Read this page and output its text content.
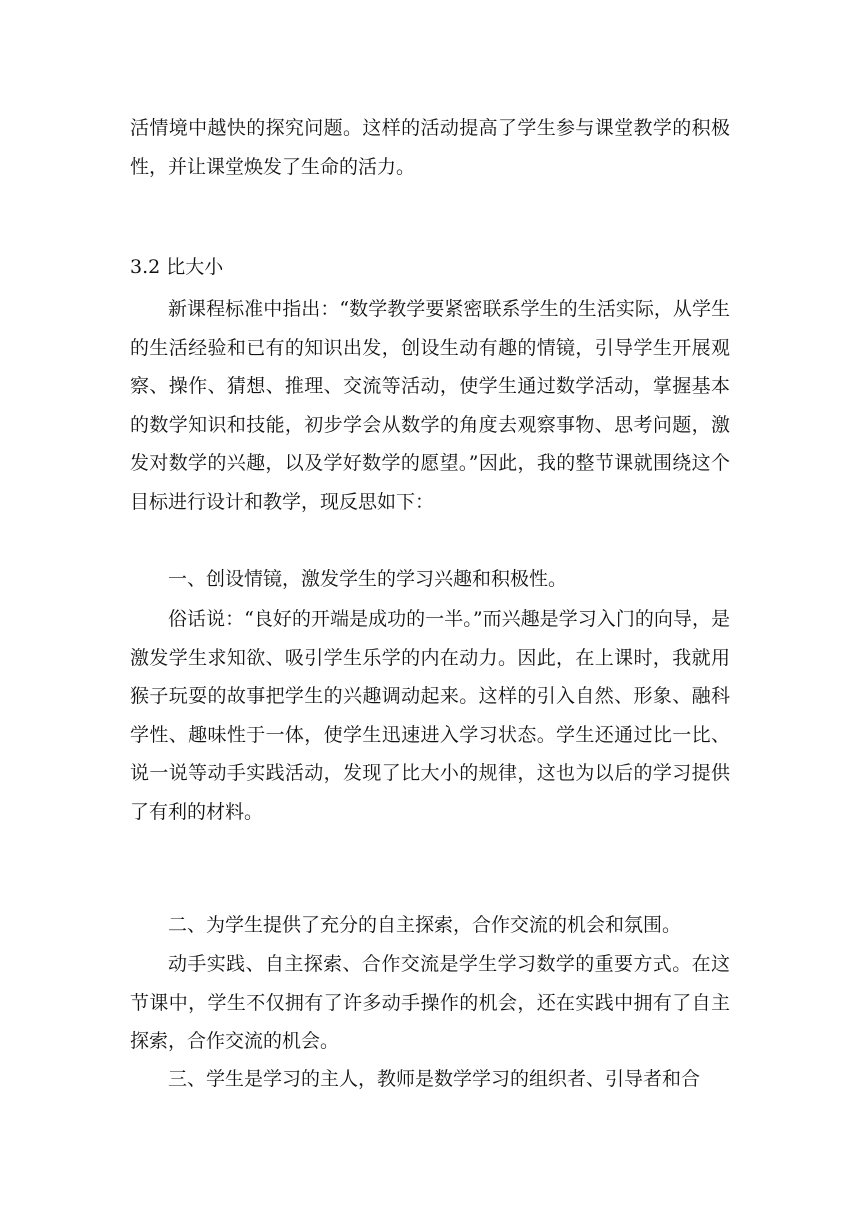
活情境中越快的探究问题。这样的活动提高了学生参与课堂教学的积极性，并让课堂焕发了生命的活力。

3.2 比大小

新课程标准中指出：“数学教学要紧密联系学生的生活实际，从学生的生活经验和已有的知识出发，创设生动有趣的情镜，引导学生开展观察、操作、猜想、推理、交流等活动，使学生通过数学活动，掌握基本的数学知识和技能，初步学会从数学的角度去观察事物、思考问题，激发对数学的兴趣，以及学好数学的愿望。”因此，我的整节课就围绕这个目标进行设计和教学，现反思如下：

一、创设情镜，激发学生的学习兴趣和积极性。

俗话说：“良好的开端是成功的一半。”而兴趣是学习入门的向导，是激发学生求知欲、吸引学生乐学的内在动力。因此，在上课时，我就用猴子玩耍的故事把学生的兴趣调动起来。这样的引入自然、形象、融科学性、趣味性于一体，使学生迅速进入学习状态。学生还通过比一比、说一说等动手实践活动，发现了比大小的规律，这也为以后的学习提供了有利的材料。

二、为学生提供了充分的自主探索，合作交流的机会和氛围。

动手实践、自主探索、合作交流是学生学习数学的重要方式。在这节课中，学生不仅拥有了许多动手操作的机会，还在实践中拥有了自主探索，合作交流的机会。

三、学生是学习的主人，教师是数学学习的组织者、引导者和合
